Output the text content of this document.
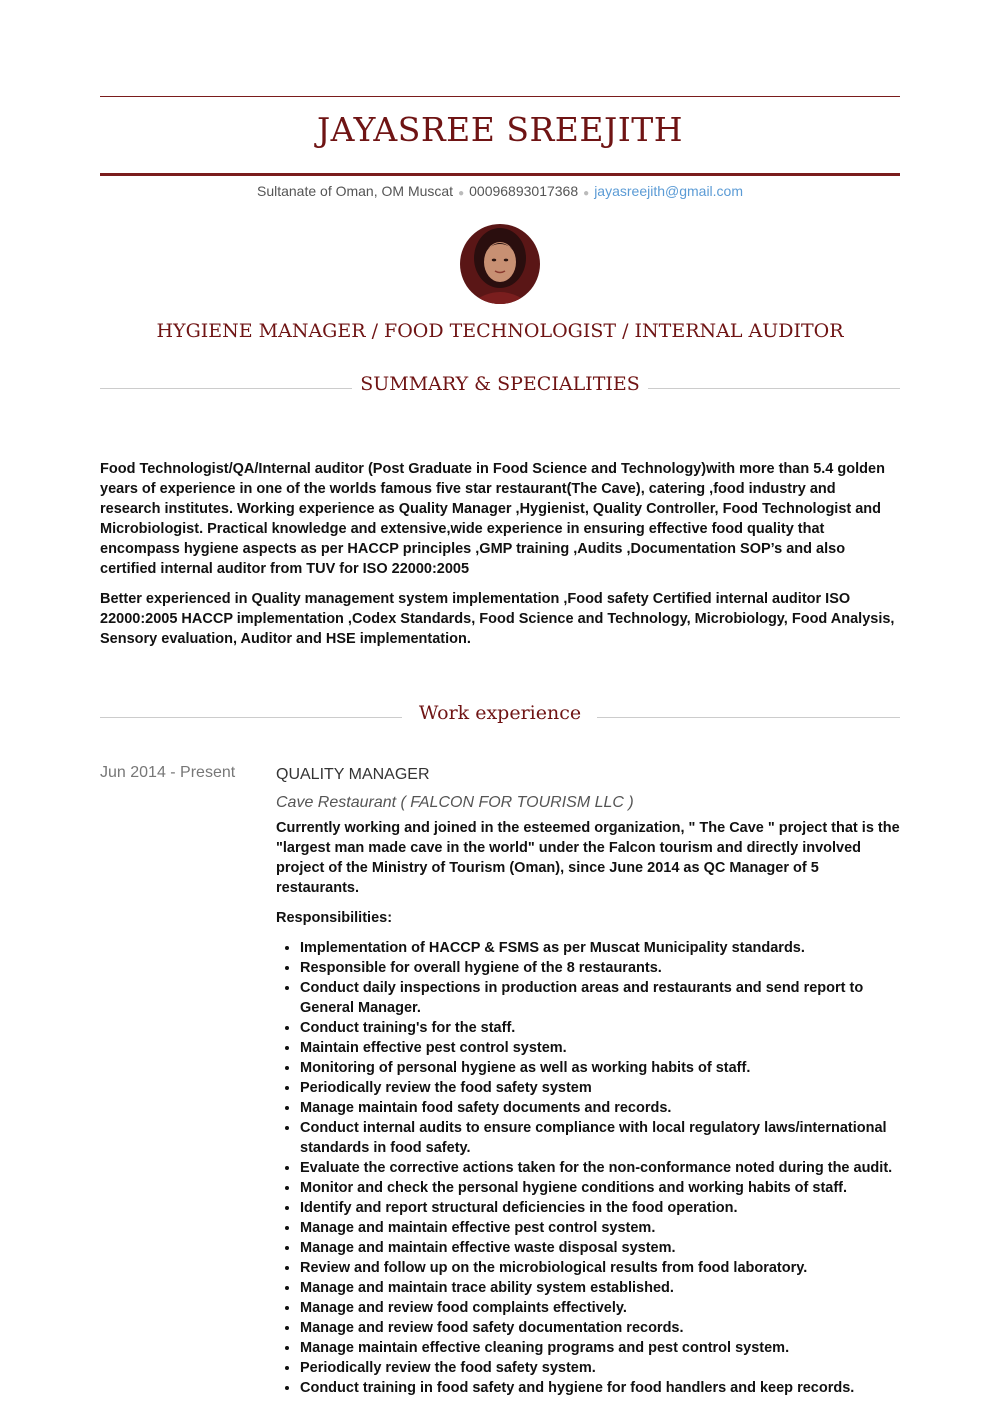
JAYASREE SREEJITH
Sultanate of Oman, OM Muscat ● 00096893017368 ● jayasreejith@gmail.com
HYGIENE MANAGER / FOOD TECHNOLOGIST / INTERNAL AUDITOR
SUMMARY & SPECIALITIES

Food Technologist/QA/Internal auditor (Post Graduate in Food Science and Technology)with more than 5.4 golden years of experience in one of the worlds famous five star restaurant(The Cave), catering ,food industry and research institutes. Working experience as Quality Manager ,Hygienist, Quality Controller, Food Technologist and Microbiologist. Practical knowledge and extensive,wide experience in ensuring effective food quality that encompass hygiene aspects as per HACCP principles ,GMP training ,Audits ,Documentation SOP’s and also certified internal auditor from TUV for ISO 22000:2005

Better experienced in Quality management system implementation ,Food safety Certified internal auditor ISO 22000:2005 HACCP implementation ,Codex Standards, Food Science and Technology, Microbiology, Food Analysis, Sensory evaluation, Auditor and HSE implementation.

Work experience
Jun 2014 - Present	QUALITY MANAGER
Cave Restaurant ( FALCON FOR TOURISM LLC )

Currently working and joined in the esteemed organization, " The Cave " project that is the "largest man made cave in the world" under the Falcon tourism and directly involved project of the Ministry of Tourism (Oman), since June 2014 as QC Manager of 5 restaurants.

Responsibilities:

• Implementation of HACCP & FSMS as per Muscat Municipality standards.
• Responsible for overall hygiene of the 8 restaurants.
• Conduct daily inspections in production areas and restaurants and send report to General Manager.
• Conduct training's for the staff.
• Maintain effective pest control system.
• Monitoring of personal hygiene as well as working habits of staff.
• Periodically review the food safety system
• Manage maintain food safety documents and records.
• Conduct internal audits to ensure compliance with local regulatory laws/international standards in food safety.
• Evaluate the corrective actions taken for the non-conformance noted during the audit.
• Monitor and check the personal hygiene conditions and working habits of staff.
• Identify and report structural deficiencies in the food operation.
• Manage and maintain effective pest control system.
• Manage and maintain effective waste disposal system.
• Review and follow up on the microbiological results from food laboratory.
• Manage and maintain trace ability system established.
• Manage and review food complaints effectively.
• Manage and review food safety documentation records.
• Manage maintain effective cleaning programs and pest control system.
• Periodically review the food safety system.
• Conduct training in food safety and hygiene for food handlers and keep records.
